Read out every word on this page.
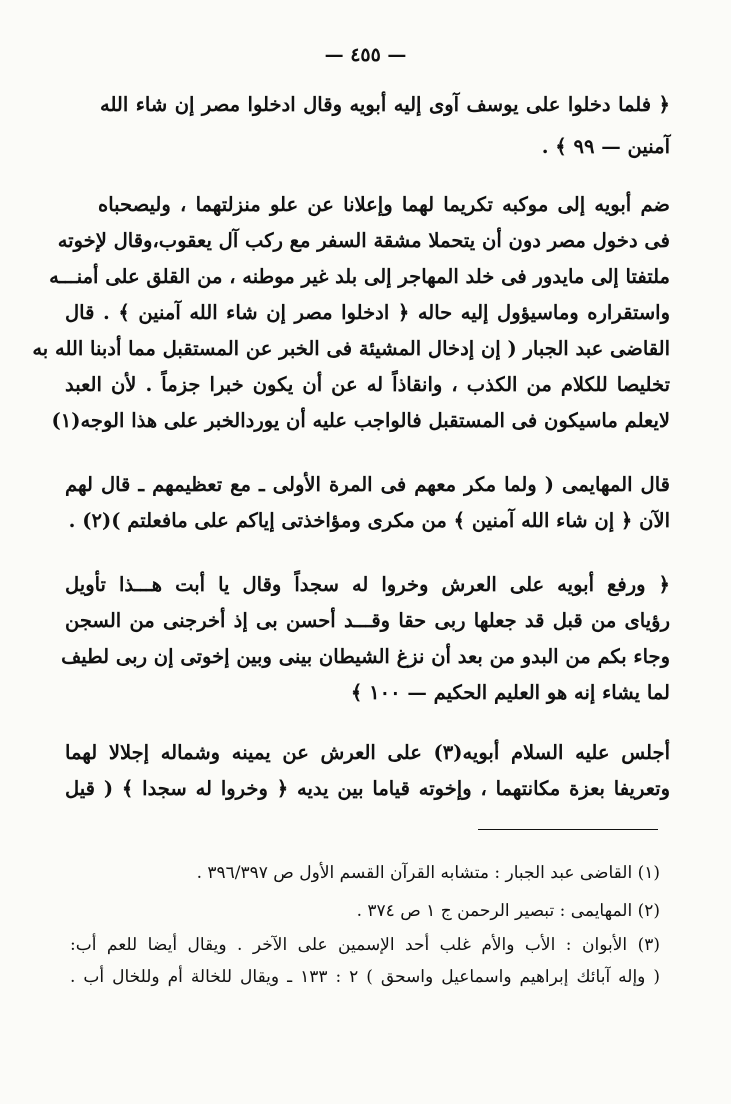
— ٤٥٥ —
﴿ فلما دخلوا على يوسف آوى إليه أبويه وقال ادخلوا مصر إن شاء الله
آمنين — ٩٩ ﴾ .
ضم أبويه إلى موكبه تكريما لهما وإعلانا عن علو منزلتهما ، وليصحباه
فى دخول مصر دون أن يتحملا مشقة السفر مع ركب آل يعقوب،وقال لإخوته
ملتفتا إلى مايدور فى خلد المهاجر إلى بلد غير موطنه ، من القلق على أمنـــه
واستقراره وماسيؤول إليه حاله ﴿ ادخلوا مصر إن شاء الله آمنين ﴾ . قال
القاضى عبد الجبار ( إن إدخال المشيئة فى الخبر عن المستقبل مما أدبنا الله به
تخليصا للكلام من الكذب ، وانقاذاً له عن أن يكون خبرا جزماً . لأن العبد
لايعلم ماسيكون فى المستقبل فالواجب عليه أن يوردالخبر على هذا الوجه(١)
قال المهايمى ( ولما مكر معهم فى المرة الأولى ـ مع تعظيمهم ـ قال لهم
الآن ﴿ إن شاء الله آمنين ﴾ من مكرى ومؤاخذتى إياكم على مافعلتم )(٢) .
﴿ ورفع أبويه على العرش وخروا له سجداً وقال يا أبت هـــذا تأويل
رؤياى من قبل قد جعلها ربى حقا وقـــد أحسن بى إذ أخرجنى من السجن
وجاء بكم من البدو من بعد أن نزغ الشيطان بينى وبين إخوتى إن ربى لطيف
لما يشاء إنه هو العليم الحكيم — ١٠٠ ﴾
أجلس عليه السلام أبويه(٣) على العرش عن يمينه وشماله إجلالا لهما
وتعريفا بعزة مكانتهما ، وإخوته قياما بين يديه ﴿ وخروا له سجدا ﴾ ( قيل
(١) القاضى عبد الجبار : متشابه القرآن القسم الأول ص ٣٩٦/٣٩٧ .
(٢) المهايمى : تبصير الرحمن ج ١ ص ٣٧٤ .
(٣) الأبوان : الأب والأم غلب أحد الإسمين على الآخر . ويقال أيضا للعم أب:
( وإله آبائك إبراهيم واسماعيل واسحق ) ٢ : ١٣٣ ـ ويقال للخالة أم وللخال أب .
